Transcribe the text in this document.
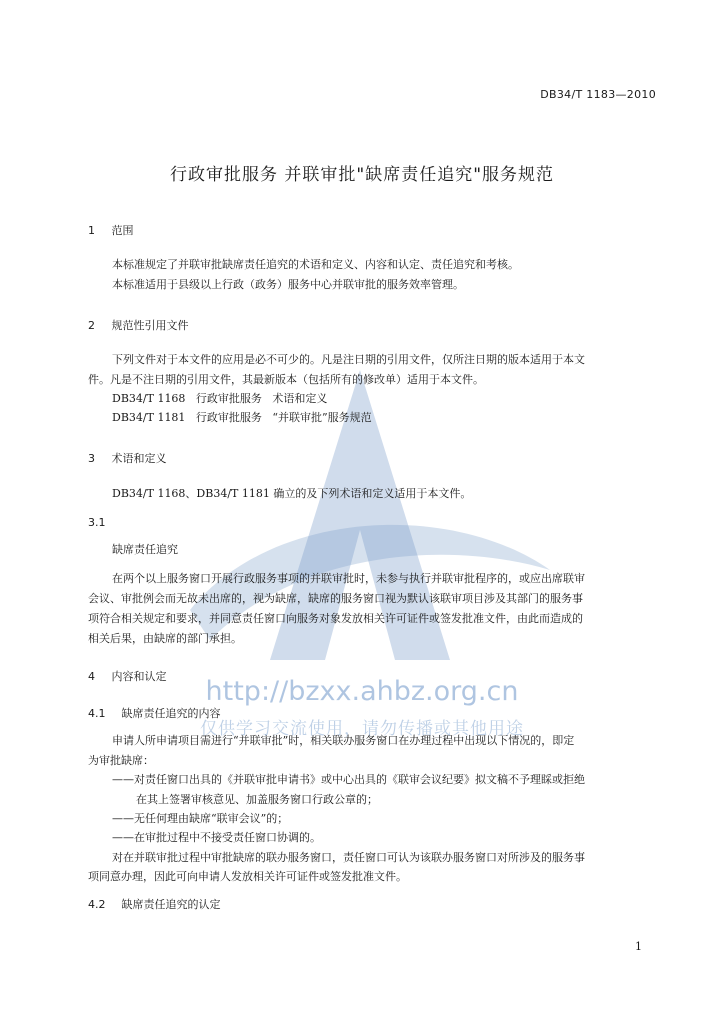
DB34/T 1183—2010
行政审批服务 并联审批"缺席责任追究"服务规范
1 范围
本标准规定了并联审批缺席责任追究的术语和定义、内容和认定、责任追究和考核。
本标准适用于县级以上行政（政务）服务中心并联审批的服务效率管理。
2 规范性引用文件
下列文件对于本文件的应用是必不可少的。凡是注日期的引用文件，仅所注日期的版本适用于本文
件。凡是不注日期的引用文件，其最新版本（包括所有的修改单）适用于本文件。
DB34/T 1168   行政审批服务   术语和定义
DB34/T 1181   行政审批服务   “并联审批”服务规范
3 术语和定义
DB34/T 1168、DB34/T 1181 确立的及下列术语和定义适用于本文件。
3.1
缺席责任追究
在两个以上服务窗口开展行政服务事项的并联审批时，未参与执行并联审批程序的，或应出席联审
会议、审批例会而无故未出席的，视为缺席，缺席的服务窗口视为默认该联审项目涉及其部门的服务事
项符合相关规定和要求，并同意责任窗口向服务对象发放相关许可证件或签发批准文件，由此而造成的
相关后果，由缺席的部门承担。
4 内容和认定
4.1 缺席责任追究的内容
申请人所申请项目需进行“并联审批”时，相关联办服务窗口在办理过程中出现以下情况的，即定
为审批缺席：
——对责任窗口出具的《并联审批申请书》或中心出具的《联审会议纪要》拟文稿不予理睬或拒绝
在其上签署审核意见、加盖服务窗口行政公章的；
——无任何理由缺席“联审会议”的；
——在审批过程中不接受责任窗口协调的。
对在并联审批过程中审批缺席的联办服务窗口，责任窗口可认为该联办服务窗口对所涉及的服务事
项同意办理，因此可向申请人发放相关许可证件或签发批准文件。
4.2 缺席责任追究的认定
http://bzxx.ahbz.org.cn
仅供学习交流使用，请勿传播或其他用途
1
